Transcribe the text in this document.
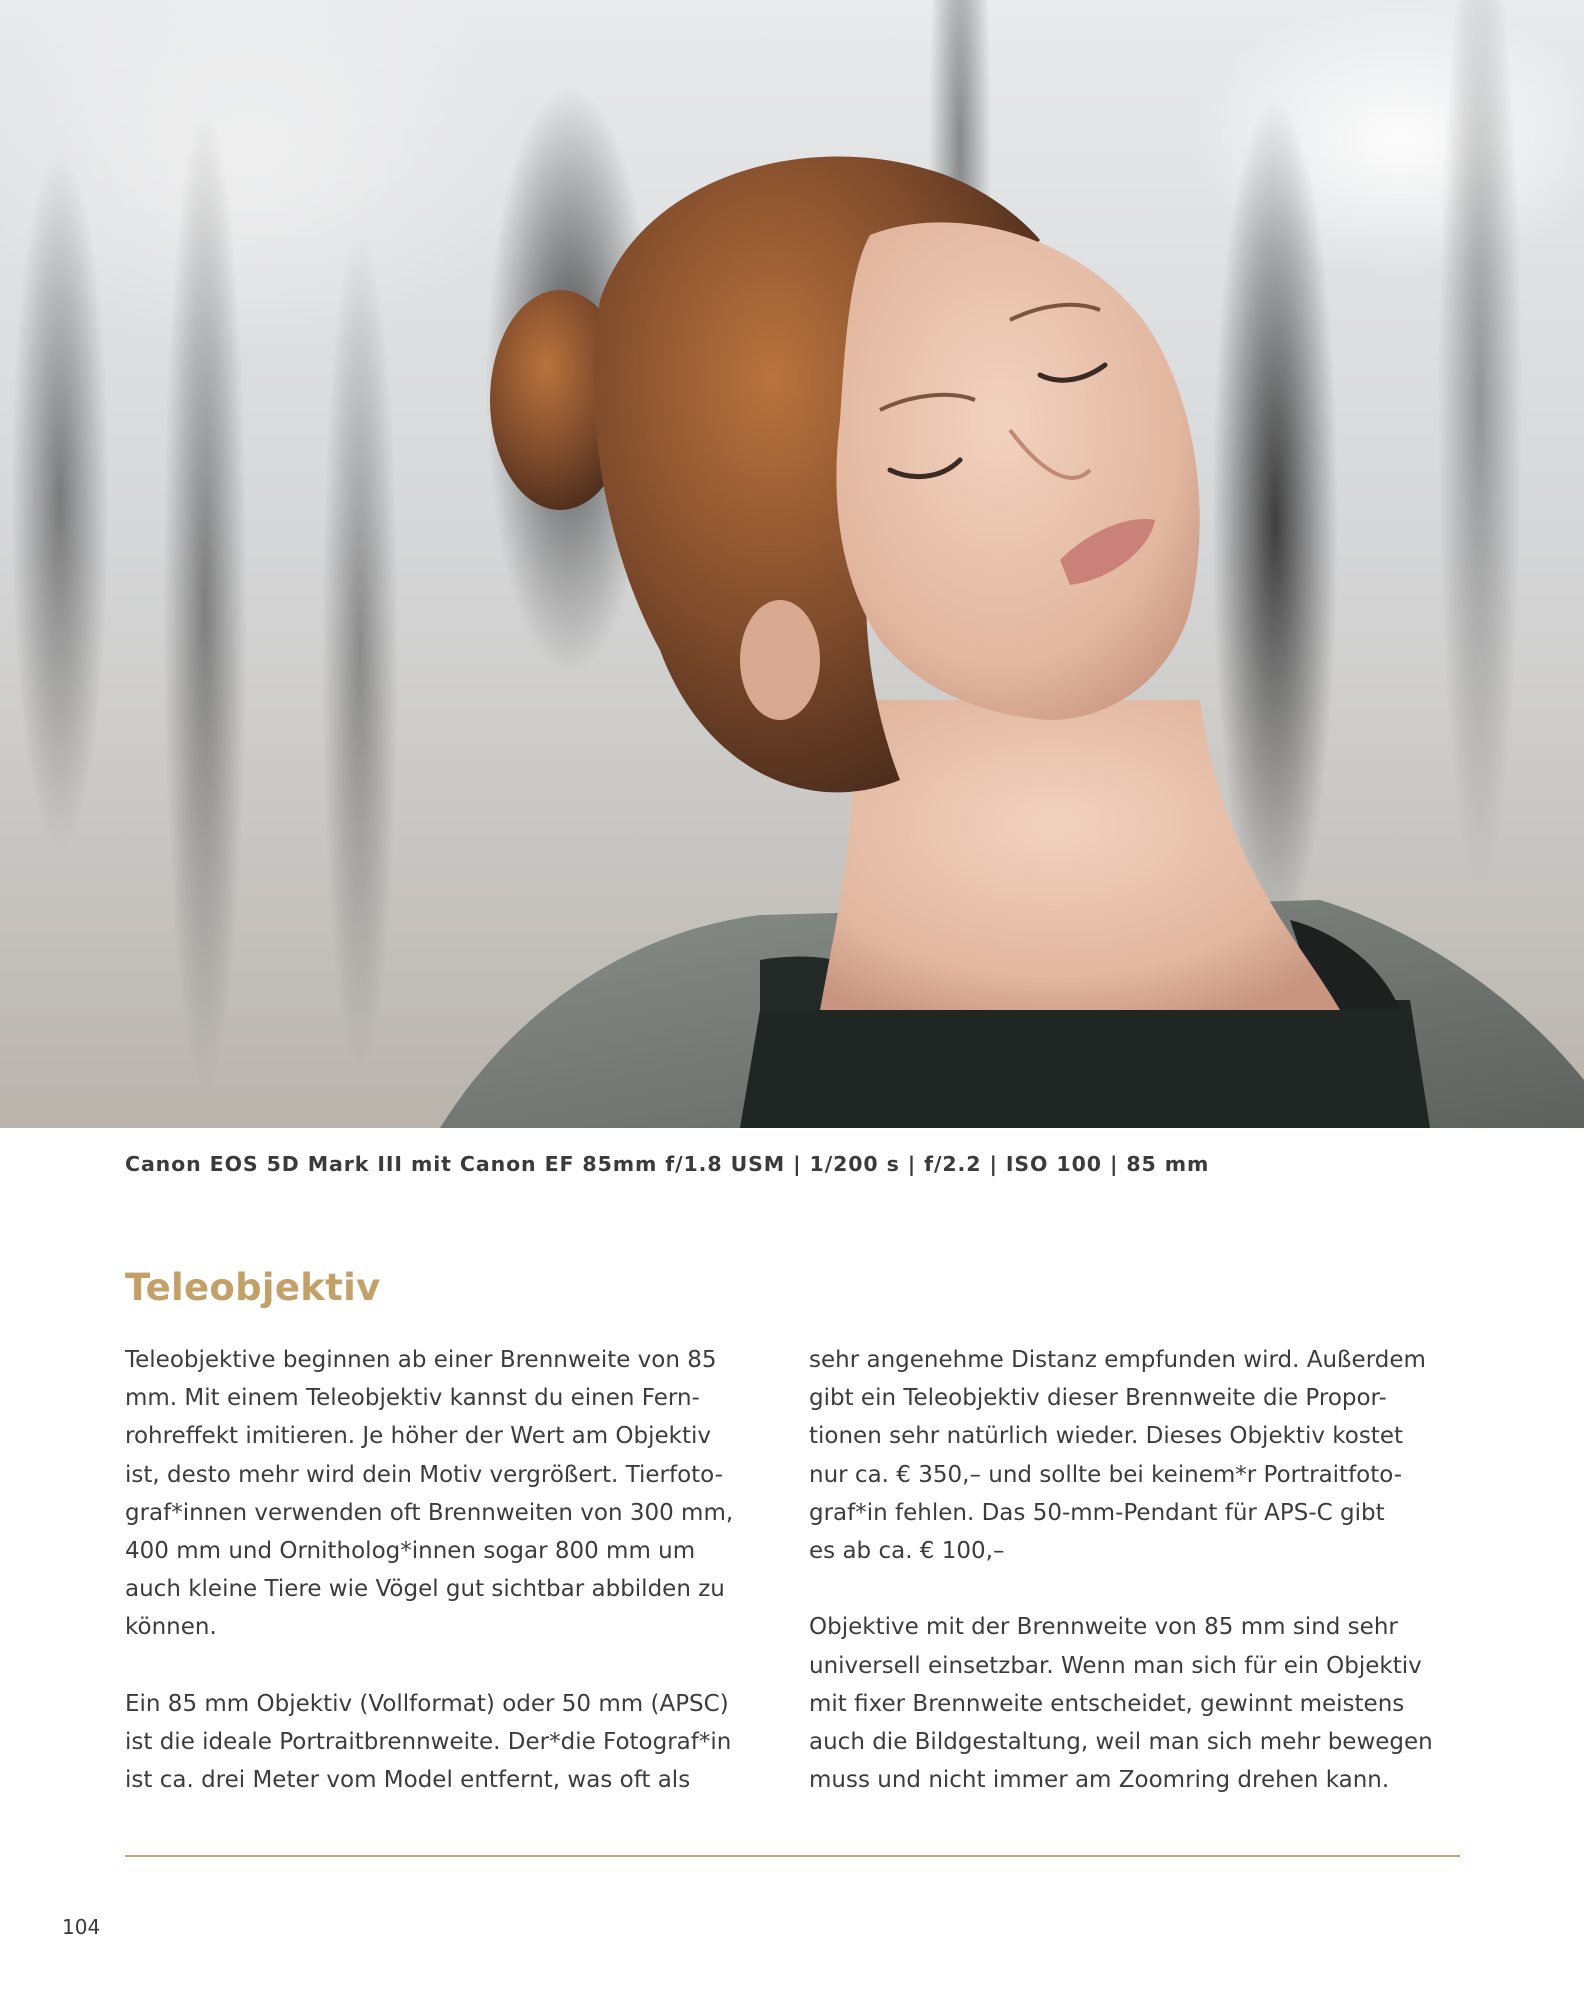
Canon EOS 5D Mark III mit Canon EF 85mm f/1.8 USM | 1/200 s | f/2.2 | ISO 100 | 85 mm
Teleobjektiv
Teleobjektive beginnen ab einer Brennweite von 85
mm. Mit einem Teleobjektiv kannst du einen Fern-
rohreffekt imitieren. Je höher der Wert am Objektiv
ist, desto mehr wird dein Motiv vergrößert. Tierfoto-
graf*innen verwenden oft Brennweiten von 300 mm,
400 mm und Ornitholog*innen sogar 800 mm um
auch kleine Tiere wie Vögel gut sichtbar abbilden zu
können.
Ein 85 mm Objektiv (Vollformat) oder 50 mm (APSC)
ist die ideale Portraitbrennweite. Der*die Fotograf*in
ist ca. drei Meter vom Model entfernt, was oft als
sehr angenehme Distanz empfunden wird. Außerdem
gibt ein Teleobjektiv dieser Brennweite die Propor-
tionen sehr natürlich wieder. Dieses Objektiv kostet
nur ca. € 350,– und sollte bei keinem*r Portraitfoto-
graf*in fehlen. Das 50-mm-Pendant für APS-C gibt
es ab ca. € 100,–
Objektive mit der Brennweite von 85 mm sind sehr
universell einsetzbar. Wenn man sich für ein Objektiv
mit fixer Brennweite entscheidet, gewinnt meistens
auch die Bildgestaltung, weil man sich mehr bewegen
muss und nicht immer am Zoomring drehen kann.
104
